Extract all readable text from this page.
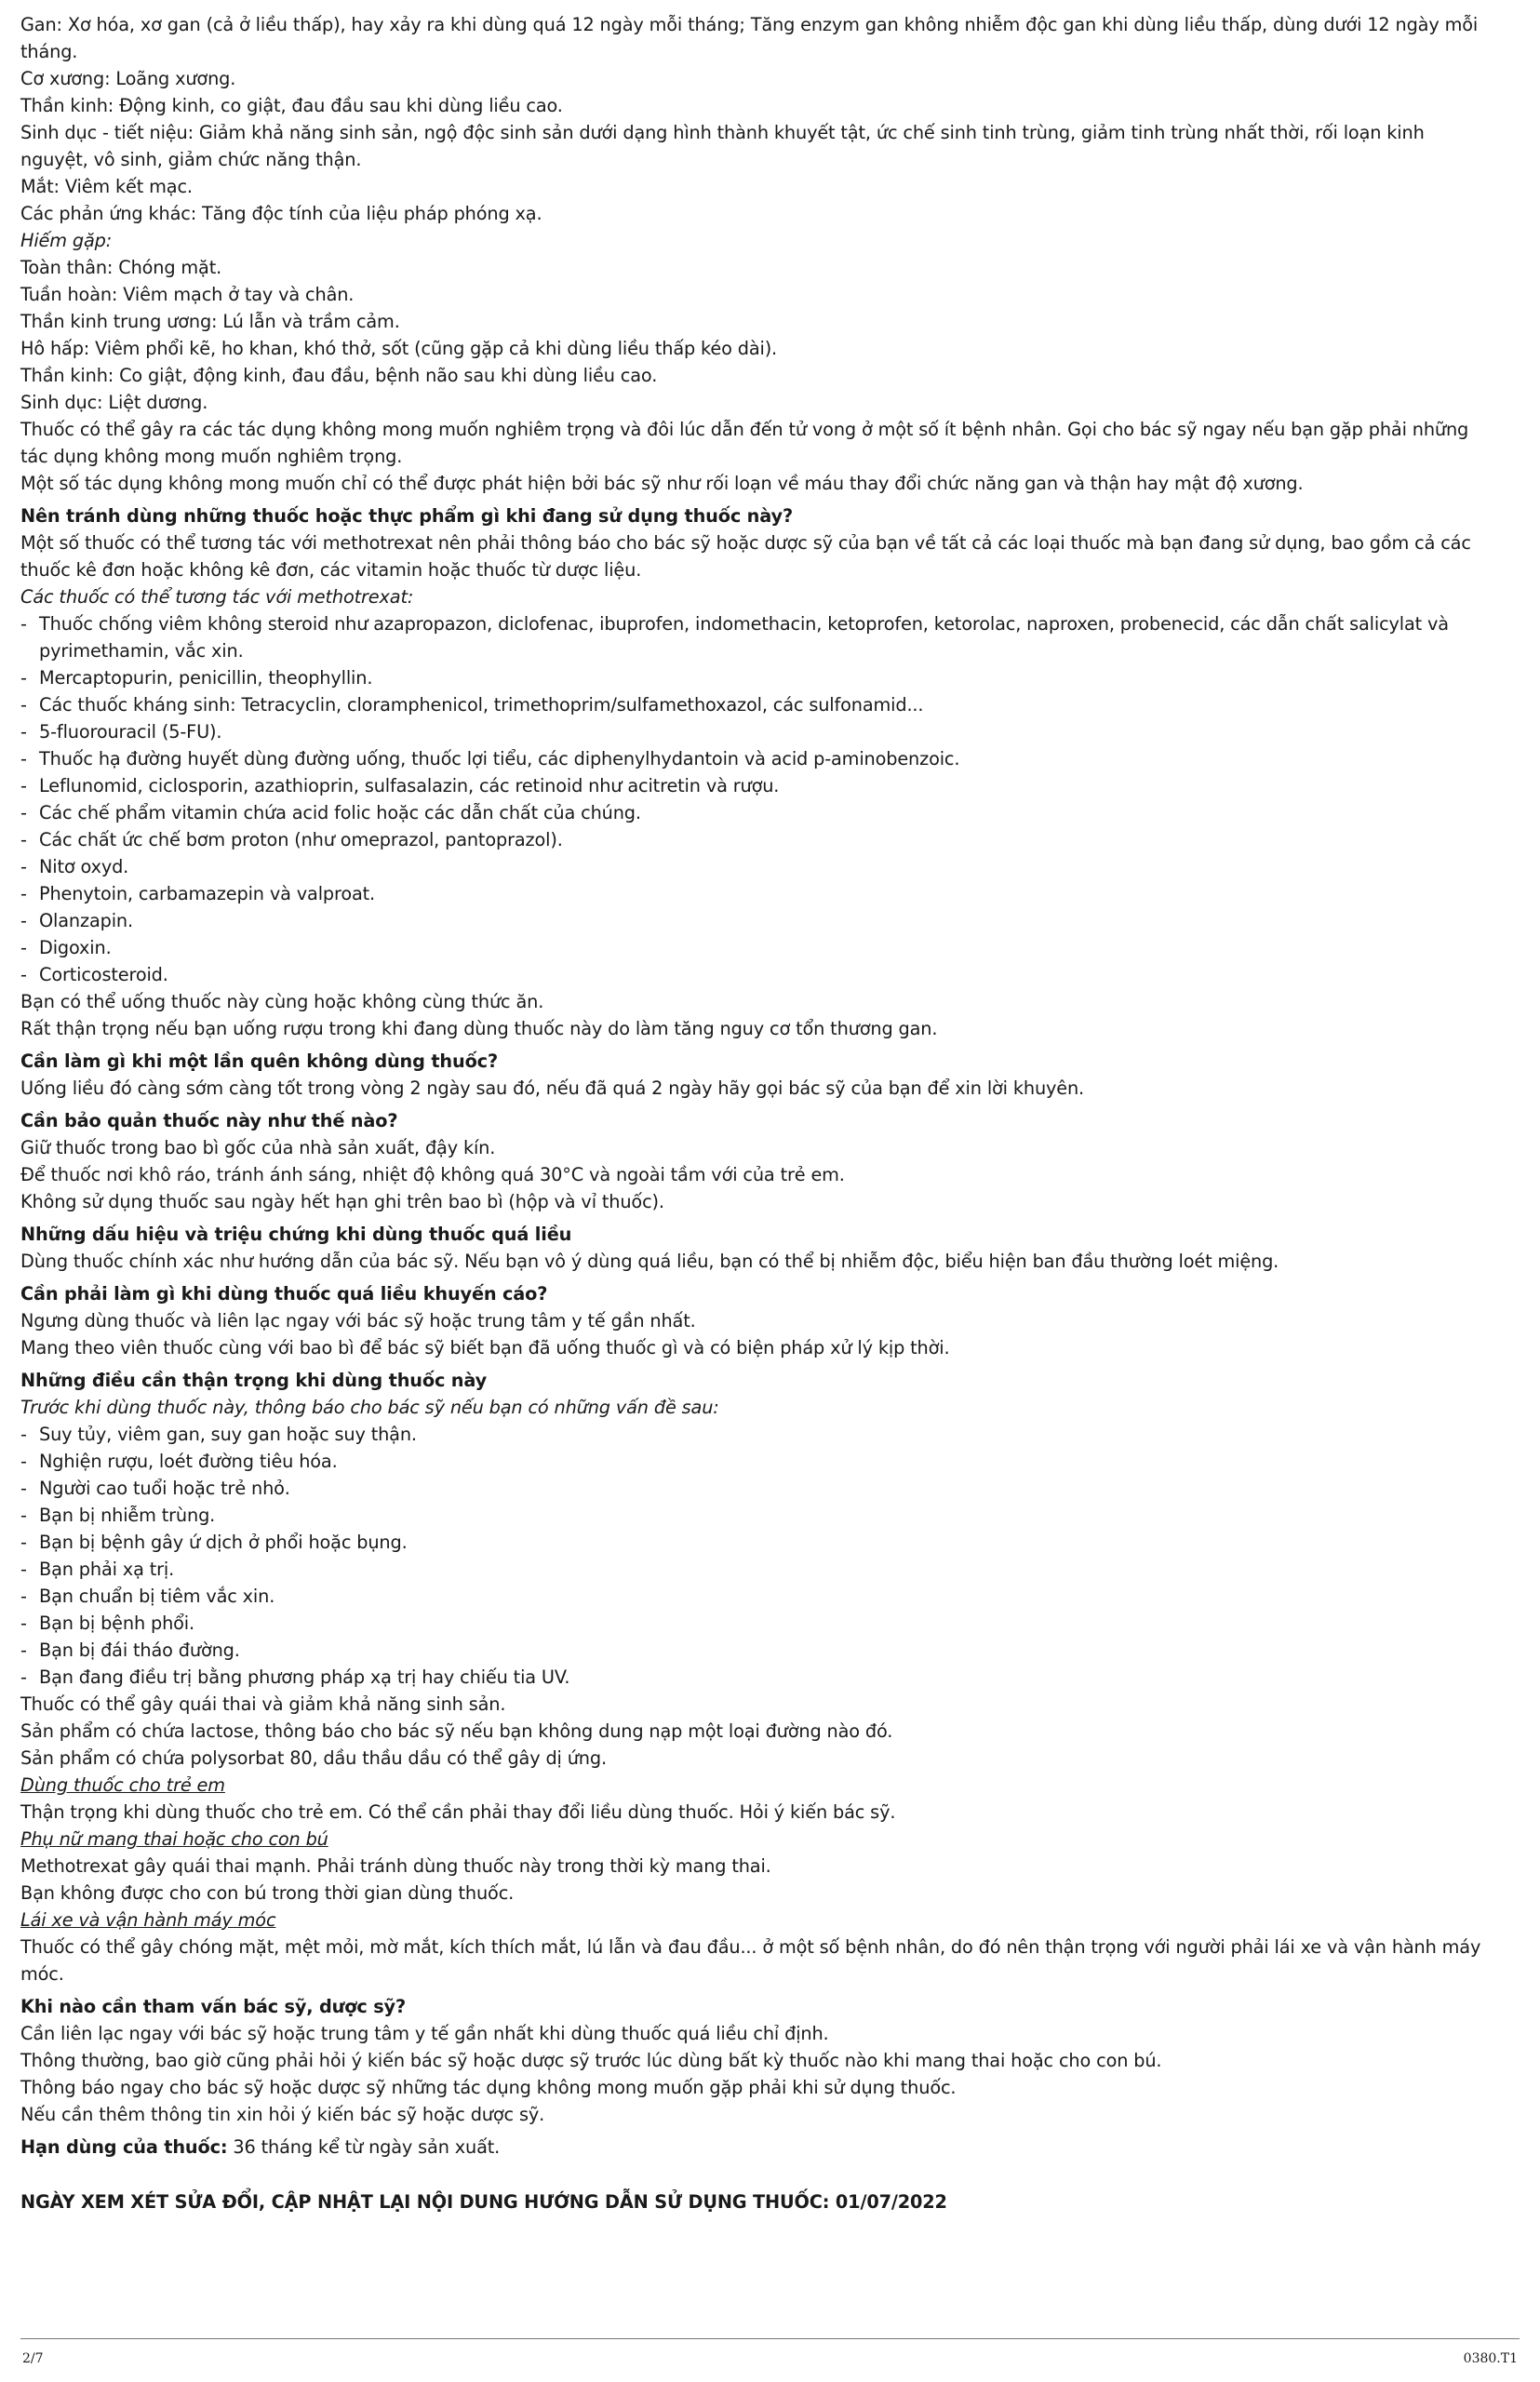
Gan: Xơ hóa, xơ gan (cả ở liều thấp), hay xảy ra khi dùng quá 12 ngày mỗi tháng; Tăng enzym gan không nhiễm độc gan khi dùng liều thấp, dùng dưới 12 ngày mỗi tháng.

Cơ xương: Loãng xương.

Thần kinh: Động kinh, co giật, đau đầu sau khi dùng liều cao.

Sinh dục - tiết niệu: Giảm khả năng sinh sản, ngộ độc sinh sản dưới dạng hình thành khuyết tật, ức chế sinh tinh trùng, giảm tinh trùng nhất thời, rối loạn kinh nguyệt, vô sinh, giảm chức năng thận.

Mắt: Viêm kết mạc.

Các phản ứng khác: Tăng độc tính của liệu pháp phóng xạ.

Hiếm gặp:

Toàn thân: Chóng mặt.

Tuần hoàn: Viêm mạch ở tay và chân.

Thần kinh trung ương: Lú lẫn và trầm cảm.

Hô hấp: Viêm phổi kẽ, ho khan, khó thở, sốt (cũng gặp cả khi dùng liều thấp kéo dài).

Thần kinh: Co giật, động kinh, đau đầu, bệnh não sau khi dùng liều cao.

Sinh dục: Liệt dương.

Thuốc có thể gây ra các tác dụng không mong muốn nghiêm trọng và đôi lúc dẫn đến tử vong ở một số ít bệnh nhân. Gọi cho bác sỹ ngay nếu bạn gặp phải những tác dụng không mong muốn nghiêm trọng.

Một số tác dụng không mong muốn chỉ có thể được phát hiện bởi bác sỹ như rối loạn về máu thay đổi chức năng gan và thận hay mật độ xương.

Nên tránh dùng những thuốc hoặc thực phẩm gì khi đang sử dụng thuốc này?

Một số thuốc có thể tương tác với methotrexat nên phải thông báo cho bác sỹ hoặc dược sỹ của bạn về tất cả các loại thuốc mà bạn đang sử dụng, bao gồm cả các thuốc kê đơn hoặc không kê đơn, các vitamin hoặc thuốc từ dược liệu.

Các thuốc có thể tương tác với methotrexat:

- Thuốc chống viêm không steroid như azapropazon, diclofenac, ibuprofen, indomethacin, ketoprofen, ketorolac, naproxen, probenecid, các dẫn chất salicylat và pyrimethamin, vắc xin.
- Mercaptopurin, penicillin, theophyllin.
- Các thuốc kháng sinh: Tetracyclin, cloramphenicol, trimethoprim/sulfamethoxazol, các sulfonamid...
- 5-fluorouracil (5-FU).
- Thuốc hạ đường huyết dùng đường uống, thuốc lợi tiểu, các diphenylhydantoin và acid p-aminobenzoic.
- Leflunomid, ciclosporin, azathioprin, sulfasalazin, các retinoid như acitretin và rượu.
- Các chế phẩm vitamin chứa acid folic hoặc các dẫn chất của chúng.
- Các chất ức chế bơm proton (như omeprazol, pantoprazol).
- Nitơ oxyd.
- Phenytoin, carbamazepin và valproat.
- Olanzapin.
- Digoxin.
- Corticosteroid.

Bạn có thể uống thuốc này cùng hoặc không cùng thức ăn.

Rất thận trọng nếu bạn uống rượu trong khi đang dùng thuốc này do làm tăng nguy cơ tổn thương gan.

Cần làm gì khi một lần quên không dùng thuốc?

Uống liều đó càng sớm càng tốt trong vòng 2 ngày sau đó, nếu đã quá 2 ngày hãy gọi bác sỹ của bạn để xin lời khuyên.

Cần bảo quản thuốc này như thế nào?

Giữ thuốc trong bao bì gốc của nhà sản xuất, đậy kín.

Để thuốc nơi khô ráo, tránh ánh sáng, nhiệt độ không quá 30°C và ngoài tầm với của trẻ em.

Không sử dụng thuốc sau ngày hết hạn ghi trên bao bì (hộp và vỉ thuốc).

Những dấu hiệu và triệu chứng khi dùng thuốc quá liều

Dùng thuốc chính xác như hướng dẫn của bác sỹ. Nếu bạn vô ý dùng quá liều, bạn có thể bị nhiễm độc, biểu hiện ban đầu thường loét miệng.

Cần phải làm gì khi dùng thuốc quá liều khuyến cáo?

Ngưng dùng thuốc và liên lạc ngay với bác sỹ hoặc trung tâm y tế gần nhất.

Mang theo viên thuốc cùng với bao bì để bác sỹ biết bạn đã uống thuốc gì và có biện pháp xử lý kịp thời.

Những điều cần thận trọng khi dùng thuốc này

Trước khi dùng thuốc này, thông báo cho bác sỹ nếu bạn có những vấn đề sau:

- Suy tủy, viêm gan, suy gan hoặc suy thận.
- Nghiện rượu, loét đường tiêu hóa.
- Người cao tuổi hoặc trẻ nhỏ.
- Bạn bị nhiễm trùng.
- Bạn bị bệnh gây ứ dịch ở phổi hoặc bụng.
- Bạn phải xạ trị.
- Bạn chuẩn bị tiêm vắc xin.
- Bạn bị bệnh phổi.
- Bạn bị đái tháo đường.
- Bạn đang điều trị bằng phương pháp xạ trị hay chiếu tia UV.

Thuốc có thể gây quái thai và giảm khả năng sinh sản.

Sản phẩm có chứa lactose, thông báo cho bác sỹ nếu bạn không dung nạp một loại đường nào đó.

Sản phẩm có chứa polysorbat 80, dầu thầu dầu có thể gây dị ứng.

Dùng thuốc cho trẻ em

Thận trọng khi dùng thuốc cho trẻ em. Có thể cần phải thay đổi liều dùng thuốc. Hỏi ý kiến bác sỹ.

Phụ nữ mang thai hoặc cho con bú

Methotrexat gây quái thai mạnh. Phải tránh dùng thuốc này trong thời kỳ mang thai.

Bạn không được cho con bú trong thời gian dùng thuốc.

Lái xe và vận hành máy móc

Thuốc có thể gây chóng mặt, mệt mỏi, mờ mắt, kích thích mắt, lú lẫn và đau đầu... ở một số bệnh nhân, do đó nên thận trọng với người phải lái xe và vận hành máy móc.

Khi nào cần tham vấn bác sỹ, dược sỹ?

Cần liên lạc ngay với bác sỹ hoặc trung tâm y tế gần nhất khi dùng thuốc quá liều chỉ định.

Thông thường, bao giờ cũng phải hỏi ý kiến bác sỹ hoặc dược sỹ trước lúc dùng bất kỳ thuốc nào khi mang thai hoặc cho con bú.

Thông báo ngay cho bác sỹ hoặc dược sỹ những tác dụng không mong muốn gặp phải khi sử dụng thuốc.

Nếu cần thêm thông tin xin hỏi ý kiến bác sỹ hoặc dược sỹ.

Hạn dùng của thuốc: 36 tháng kể từ ngày sản xuất.

NGÀY XEM XÉT SỬA ĐỔI, CẬP NHẬT LẠI NỘI DUNG HƯỚNG DẪN SỬ DỤNG THUỐC: 01/07/2022

2/7	0380.T1
